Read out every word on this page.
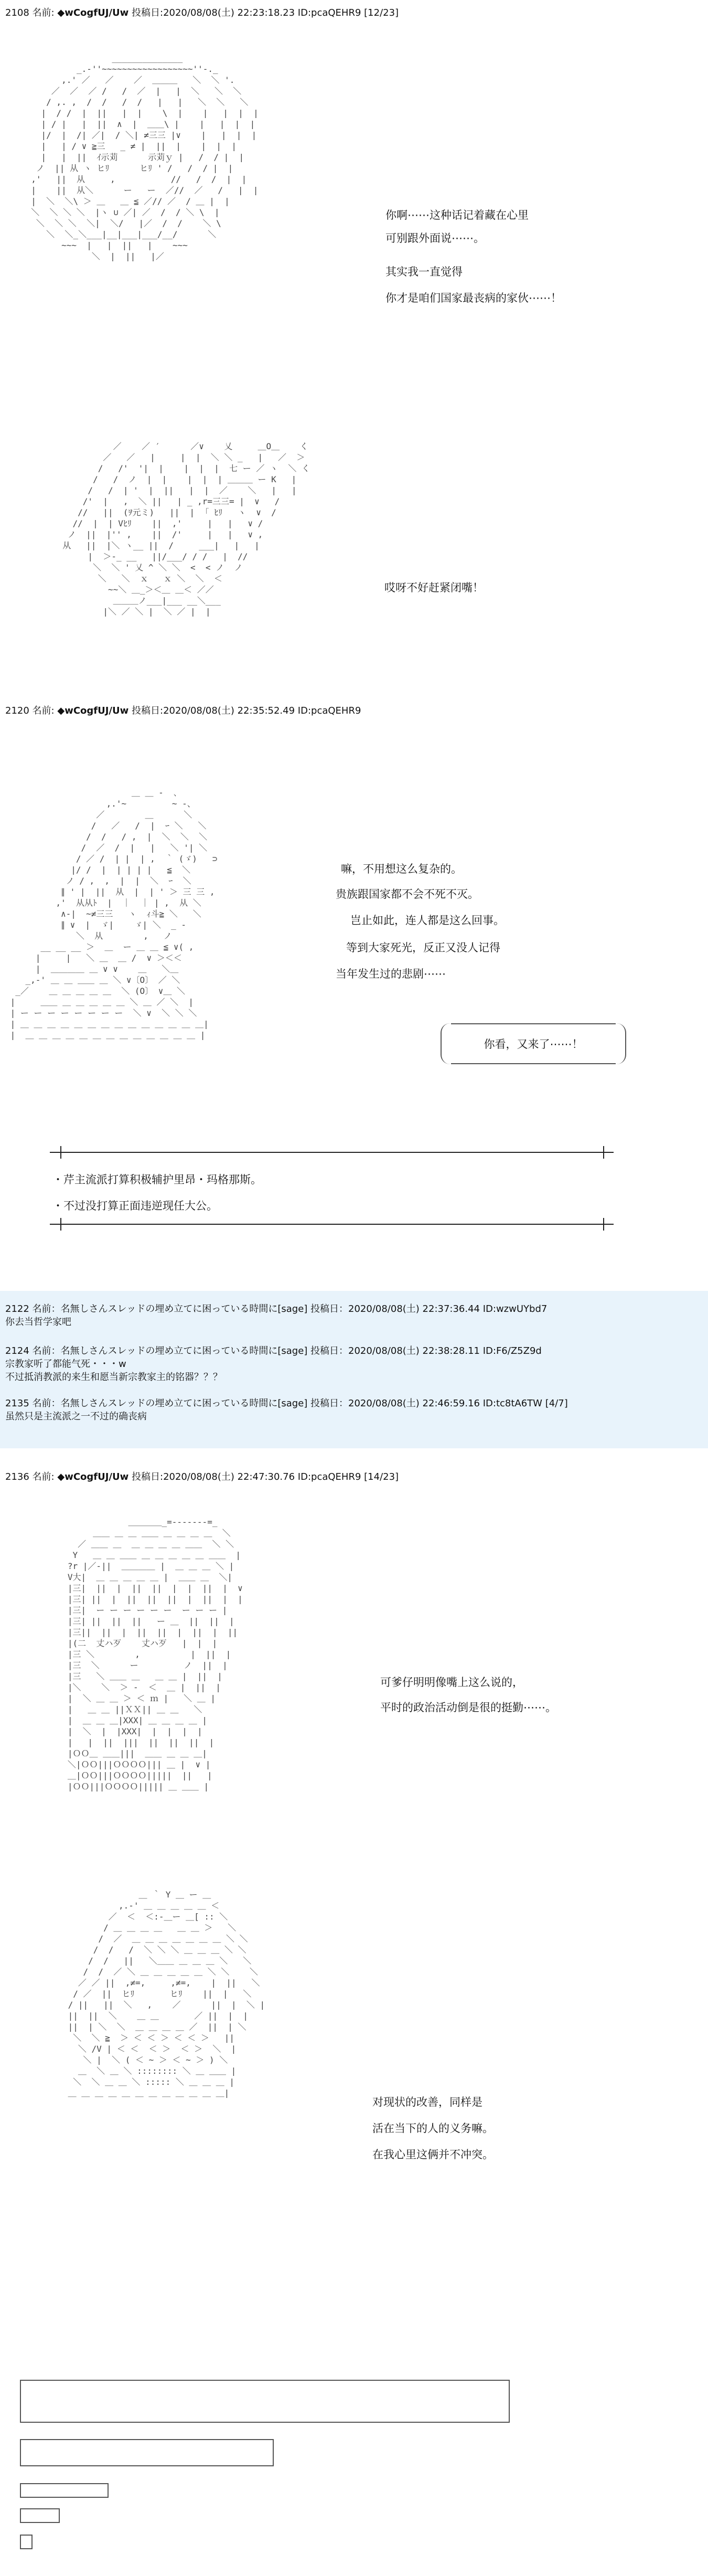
2108 名前: ◆wCogfUJ/Uw 投稿日:2020/08/08(土) 22:23:18.23 ID:pcaQEHR9 [12/23]
______________
_.-''~~~~~~~~~~~~~~~~~~''-._
,.' ／   ／    ／  ＿＿＿   ＼  ＼ '.
／  ／  ／ /   /  ／  |   |  ＼   ＼  ＼
/ ,. ,  /  /   /  /   |   |   ＼  ＼   ＼
|  / /  |  ||   |  |    \  |    |   |  |  |
| / |   |  ||  ∧  |  ＿＿\ |    |   |  |  |
|/  |  /| ／|  / ＼| ≠三三 |∨    |   |  |  |
|   | / ∨ ≧三   _ ≠ |  ||  |    |  |  |
|   |  ||  ｲ示苅      示苅ｙ |   /  / |  |
ノ  || 从 ヽ ヒﾘ      ヒﾘ ' /   /  / |  |
,'   ||  从     ,           //   /  /  |  |
|    ||  从＼      ー   ー  ／//  ／   /   |  |
|  ＼  ＼\ ＞ ＿   ＿ ≦ ／// ／  / ＿ |  |
＼  ＼ ＼ ＼  |ヽ ∪ ／| ／  /  / ＼ \  |
＼  ＼ ＼  ＼|  ＼/   |／  /  /    ＼ \
＼  ＼_＼___|__|___|___/__/      ＼
~~~  |   |  ||   |    ~~~
＼  |  ||   |／

你啊⋯⋯这种话记着藏在心里
可别跟外面说⋯⋯。
其实我一直觉得
你才是咱们国家最丧病的家伙⋯⋯！
／    ／ ′      ／∨    乂     ＿O＿    く
／   ／   |     |  |  ＼ ＼ _   |   ／  ＞
/   /'  '|  |    |  |  |  七 ー ／ ヽ  ＼ く
/   /  ノ  |  |    |  |  | ＿＿＿ ー K   |
/   /  | '  |  ||   |  |  ／    ＼   |   |
/'  |   ,  ＼ ||   | _ ,r=三三= |  ∨   /
//   ||  (ｦ元ミ)   ||  |  ｢ ﾋﾘ   ヽ  ∨  /
//  |  | Vﾋﾘ    ||  ,'     |   |   ∨ /
ノ  ||  |'' ,    ||  /'     |   |   ∨ ,
从   ||  |＼ ヽ__ ||  /     ___|   |   |
|  ＞-_ __   ||/___/ / /   |  //
＼  ＼ ' 乂 ^ ＼ ＼  <  < ノ  ノ
＼   ＼  ｘ   ｘ ＼  ＼  ＜
~~＼ ＿_＞＜＿ ＿＜ ／／
＿＿＿ノ___|___ __＼___
|＼ ／ ＼ |  ＼ ／ |  |

哎呀不好赶紧闭嘴！
2120 名前: ◆wCogfUJ/Uw 投稿日:2020/08/08(土) 22:35:52.49 ID:pcaQEHR9
＿ ＿ -  ､
,.'~         ~ -、
／        ＿      ＼
/   ／   /  |  ｰ ＼   ＼
/  /   / ,  |  ＼  ＼  ＼
/  ／  /  |   |   ＼ '| ＼
/ ／ /  | |  | ,  ｀ (ゞ)   ⊃
|/ /  |  | | | |   ≦  ＼
ノ / ,  ,  |  |  ＼  ｰ  ＼
∥ ' |  ||  从  |  | ' ＞ 三 三 ,
,'  从从ﾄ  |  ｜  ｜ | ,  从 ＼
∧-|  ~≠三三   ヽ  ｨ斗≧ ＼   ＼
∥ ∨  |  ゞ|    ゞ| ＼  _ -
＼  从        ,   ノ
__ __ __ ＞  ＿  ー ＿ ＿ ≦ ∨( ,
|     |   ＼ ＿  ＿ /  ∨ ＞＜＜
|  ＿＿＿＿ ＿ ∨ ∨    ＿   ＼＿
_,-' ＿ ＿ ＿＿ ＿ ＼ ∨〔O〕 ／ ＼
_／    ＿ ＿ ＿ ＿ ＿  ＼ (O〕 ∨＿ ＼
|     ＿＿ ＿ ＿ ＿ ＿ ＿ ＼ ＿ ／ ＼  |
| ー ー ー ー ー ー ー ー  ＼ ∨  ＼ ＼ ＼
| ＿ ＿ ＿ ＿ ＿ ＿ ＿ ＿ ＿ ＿ ＿ ＿ ＿ ＿|
|  ＿ ＿ ＿ ＿ ＿ ＿ ＿ ＿ ＿ ＿ ＿ ＿ ＿ |

嘛，不用想这么复杂的。
贵族跟国家都不会不死不灭。
岂止如此，连人都是这么回事。
等到大家死光，反正又没人记得
当年发生过的悲剧⋯⋯
你看，又来了⋯⋯！
・芹主流派打算积极辅护里昂・玛格那斯。
・不过没打算正面违逆现任大公。
2122 名前：名無しさんスレッドの埋め立てに困っている時間に[sage] 投稿日：2020/08/08(土) 22:37:36.44 ID:wzwUYbd7
你去当哲学家吧
2124 名前：名無しさんスレッドの埋め立てに困っている時間に[sage] 投稿日：2020/08/08(土) 22:38:28.11 ID:F6/Z5Z9d
宗教家听了都能气死・・・w
不过抵消教派的来生和愿当新宗教家主的铭器？？？
2135 名前：名無しさんスレッドの埋め立てに困っている時間に[sage] 投稿日：2020/08/08(土) 22:46:59.16 ID:tc8tA6TW [4/7]
虽然只是主流派之一不过的确丧病
2136 名前: ◆wCogfUJ/Uw 投稿日:2020/08/08(土) 22:47:30.76 ID:pcaQEHR9 [14/23]
＿＿＿＿_=-------=_
＿＿ ＿ ＿ ＿＿ ＿ ＿ ＿ ＿  ＼
／ ＿＿ ＿  ＿ ＿ ＿ ＿ ＿＿  ＼ ＼
Y   ＿ ＿ ＿＿ ＿ ＿ ＿ ＿ ＿ ＿＿  |
?r |／-||  ＿＿＿＿ |  ＿ ＿ ＿ ＼ |
V大|  ＿ ＿ ＿ ＿ ＿ |  ＿＿ ＿  ＼|
|三|  ||  |  ||  ||  |  |  ||  |  ∨
|三| ||  |  ||  ||  ||  |  ||  |  |
|三|  ー ー ー ー ー ー  ー ー ー |
|三| ||  ||  ||   ー ＿  ||  ||  |
|三||  ||  |  ||  ||  |  ||  |  ||
|(二  丈ハ歹    丈ハ歹   |  |  |
|三 ＼        ,          |  ||  |
|三  ＼      ー         ノ  ||  |
|三   ＼ ＿＿ ＿   ＿ ＿ |  ||  |
|＼    ＼  ＞ -  ＜  ＿ |  ||  |
|  ＼ ＿ ＿ ＞ ＜ ｍ |   ＼ ＿ |
|   ＿ ＿ ||ＸＸ|| ＿ ＿   ＼
|  ＿ ＿ ＿|XXX| ＿ ＿ ＿ ＿ |
|  ＼  |  |XXX|  |  |  |  |
|   |  ||  |||  ||  ||  ||  |
|ＯＯ＿ ＿＿|||  ＿＿ ＿ ＿ ＿|
＼|ＯＯ|||ＯＯＯＯ||| ＿ |  ∨ |
＿|ＯＯ|||ＯＯＯＯ|||||  ||   |
|ＯＯ|||ＯＯＯＯ||||| ＿ ＿＿ |

可爹仔明明像嘴上这么说的，
平时的政治活动倒是很的挺勤⋯⋯。
＿ ｀ Y ＿ ー ＿
,.-' ＿ ＿ ＿ ＿ ＿ ＜
／  ＜  ＜:-＿ー ＿[ :: ＼
/ ＿ ＿ ＿ ＿   ＿ ＿ ＞   ＼
/  ／  ＿ ＿ ＿ ＿ ＿ ＿ ＿ ＼ ＼
/  /   /  ＼ ＼ ＼ ＿ ＿ ＿ ＼ ＼
/  /   ||   ＼＿＿ ＿ ＿ ＿ ＼   ＼
/  /  ／ ＼ ＿ ＿ ＿ ＿ ＿ ＼ ＼    ＼
／ ／ ||  ,≠=,     ,≠=,    |  ||   ＼
/ ／  ||  ヒﾘ       ヒﾘ    ||  |   ＼
/ ||   ||  ＼   ,    ／      ||  |  ＼ |
||  ||  ＼    ＿ ＿       ／ ||  |  |
||  | ＼  ＼  ＿ ＿ ＿ ＿ ／  ||  | ＼
＼  ＼ ≧  ＞ ＜ ＜ ＞ ＜ ＜ ＞   ||
＼ /V | ＜ ＜  ＜ ＞  ＜ ＞  ＼  |
＼ |  ＼ ( ＜ ~ ＞ ＜ ~ ＞ ) ＼
＿  ＼ ＿ ＼ :::::::: ＼ ＿ ＿＿ |
＼  ＼ ＿ ＿ ＼ ::::: ＼ ＿ ＿ ＿ |
＿ ＿ ＿ ＿ ＿ ＿ ＿ ＿ ＿ ＿ ＿ ＿|

对现状的改善，同样是
活在当下的人的义务嘛。
在我心里这俩并不冲突。
